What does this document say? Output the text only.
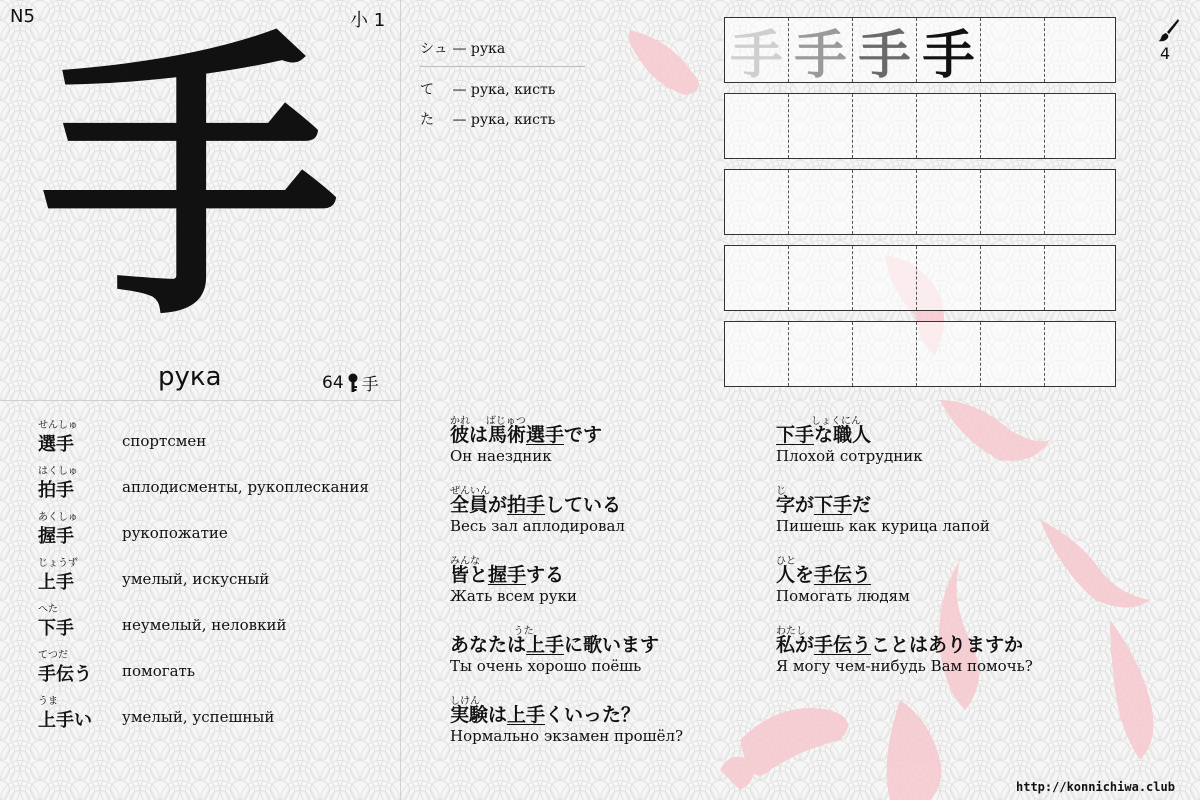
N5	小 1
手
рука	64 手
シュ — рука
て — рука, кисть
た — рука, кисть
手 手 手 手	4
せんしゅ
選手	спортсмен
はくしゅ
拍手	аплодисменты, рукоплескания
あくしゅ
握手	рукопожатие
じょうず
上手	умелый, искусный
へた
下手	неумелый, неловкий
てつだ
手伝う помогать
うま
上手い умелый, успешный
かれ     ばじゅつ
彼は馬術選手です
Он наездник
ぜんいん
全員が拍手している
Весь зал аплодировал
みんな
皆と握手する
Жать всем руки
うた
あなたは上手に歌います
Ты очень хорошо поёшь
しけん
実験は上手くいった？
Нормально экзамен прошёл?
しょくにん
下手な職人
Плохой сотрудник
じ
字が下手だ
Пишешь как курица лапой
ひと
人を手伝う
Помогать людям
わたし
私が手伝うことはありますか
Я могу чем-нибудь Вам помочь?
http://konnichiwa.club
